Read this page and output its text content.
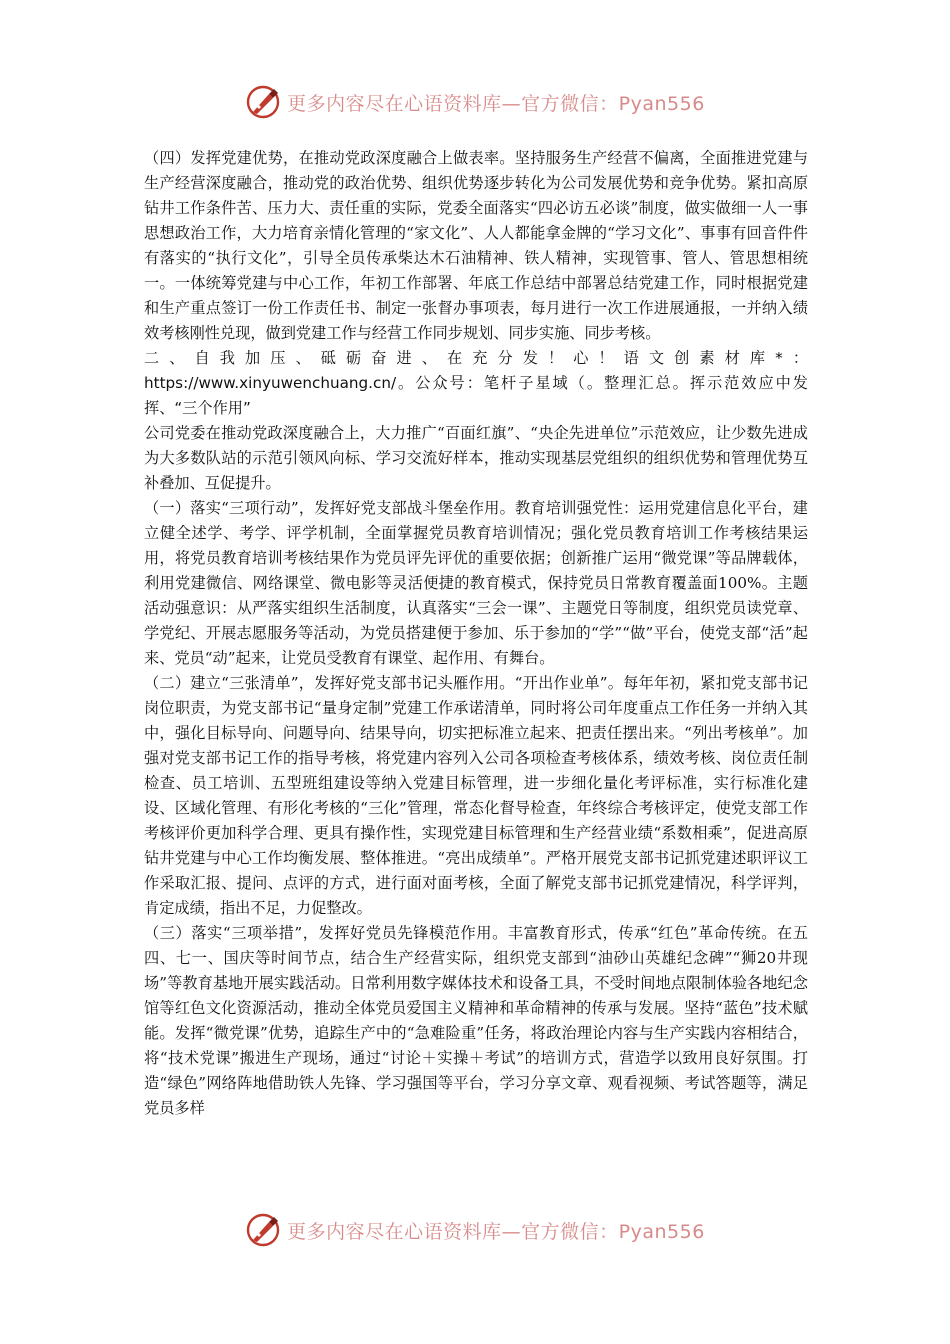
更多内容尽在心语资料库—官方微信：Pyan556

（四）发挥党建优势，在推动党政深度融合上做表率。坚持服务生产经营不偏离，全面推进党建与生产经营深度融合，推动党的政治优势、组织优势逐步转化为公司发展优势和竞争优势。紧扣高原钻井工作条件苦、压力大、责任重的实际，党委全面落实“四必访五必谈”制度，做实做细一人一事思想政治工作，大力培育亲情化管理的“家文化”、人人都能拿金牌的“学习文化”、事事有回音件件有落实的“执行文化”，引导全员传承柴达木石油精神、铁人精神，实现管事、管人、管思想相统一。一体统筹党建与中心工作，年初工作部署、年底工作总结中部署总结党建工作，同时根据党建和生产重点签订一份工作责任书、制定一张督办事项表，每月进行一次工作进展通报，一并纳入绩效考核刚性兑现，做到党建工作与经营工作同步规划、同步实施、同步考核。

二、自我加压、砥砺奋进、在充分发！心！语文创素材库*：https://www.xinyuwenchuang.cn/。公众号：笔杆子星域（。整理汇总。挥示范效应中发挥、“三个作用”

公司党委在推动党政深度融合上，大力推广“百面红旗”、“央企先进单位”示范效应，让少数先进成为大多数队站的示范引领风向标、学习交流好样本，推动实现基层党组织的组织优势和管理优势互补叠加、互促提升。

（一）落实“三项行动”，发挥好党支部战斗堡垒作用。教育培训强党性：运用党建信息化平台，建立健全述学、考学、评学机制，全面掌握党员教育培训情况；强化党员教育培训工作考核结果运用，将党员教育培训考核结果作为党员评先评优的重要依据；创新推广运用“微党课”等品牌载体，利用党建微信、网络课堂、微电影等灵活便捷的教育模式，保持党员日常教育覆盖面100%。主题活动强意识：从严落实组织生活制度，认真落实“三会一课”、主题党日等制度，组织党员读党章、学党纪、开展志愿服务等活动，为党员搭建便于参加、乐于参加的“学”“做”平台，使党支部“活”起来、党员“动”起来，让党员受教育有课堂、起作用、有舞台。

（二）建立“三张清单”，发挥好党支部书记头雁作用。“开出作业单”。每年年初，紧扣党支部书记岗位职责，为党支部书记“量身定制”党建工作承诺清单，同时将公司年度重点工作任务一并纳入其中，强化目标导向、问题导向、结果导向，切实把标准立起来、把责任摆出来。“列出考核单”。加强对党支部书记工作的指导考核，将党建内容列入公司各项检查考核体系，绩效考核、岗位责任制检查、员工培训、五型班组建设等纳入党建目标管理，进一步细化量化考评标准，实行标准化建设、区域化管理、有形化考核的“三化”管理，常态化督导检查，年终综合考核评定，使党支部工作考核评价更加科学合理、更具有操作性，实现党建目标管理和生产经营业绩“系数相乘”，促进高原钻井党建与中心工作均衡发展、整体推进。“亮出成绩单”。严格开展党支部书记抓党建述职评议工作采取汇报、提问、点评的方式，进行面对面考核，全面了解党支部书记抓党建情况，科学评判，肯定成绩，指出不足，力促整改。

（三）落实“三项举措”，发挥好党员先锋模范作用。丰富教育形式，传承“红色”革命传统。在五四、七一、国庆等时间节点，结合生产经营实际，组织党支部到“油砂山英雄纪念碑”“狮20井现场”等教育基地开展实践活动。日常利用数字媒体技术和设备工具，不受时间地点限制体验各地纪念馆等红色文化资源活动，推动全体党员爱国主义精神和革命精神的传承与发展。坚持“蓝色”技术赋能。发挥“微党课”优势，追踪生产中的“急难险重”任务，将政治理论内容与生产实践内容相结合，将“技术党课”搬进生产现场，通过“讨论＋实操＋考试”的培训方式，营造学以致用良好氛围。打造“绿色”网络阵地借助铁人先锋、学习强国等平台，学习分享文章、观看视频、考试答题等，满足党员多样

更多内容尽在心语资料库—官方微信：Pyan556
